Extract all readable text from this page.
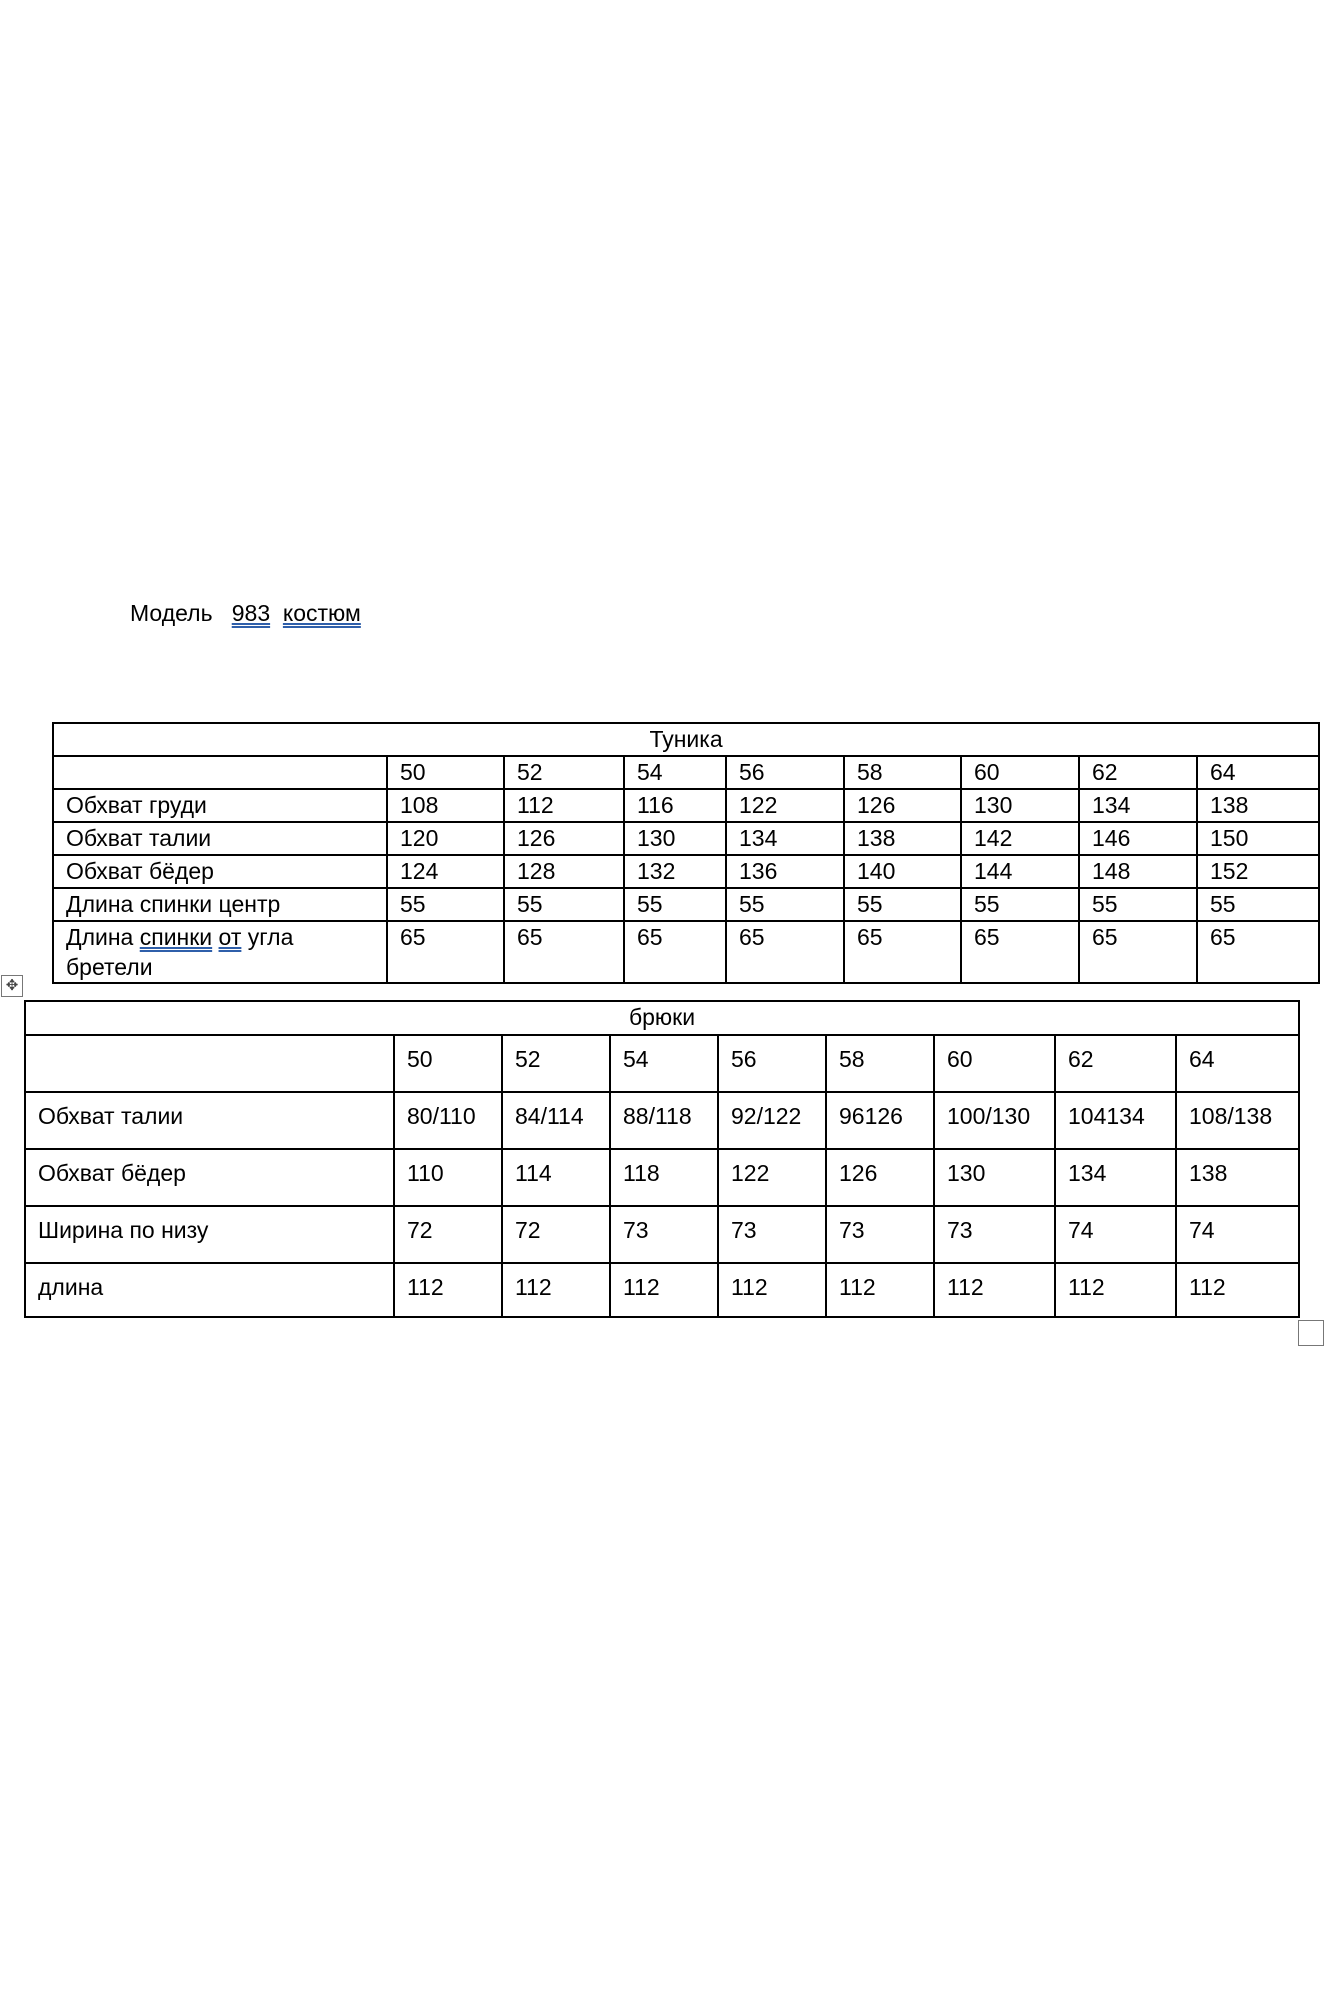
Модель 983 костюм
Туника								
	50	52	54	56	58	60	62	64
Обхват груди	108	112	116	122	126	130	134	138
Обхват талии	120	126	130	134	138	142	146	150
Обхват бёдер	124	128	132	136	140	144	148	152
Длина спинки центр	55	55	55	55	55	55	55	55
Длина спинки от угла бретели	65	65	65	65	65	65	65	65
✥
брюки								
	50	52	54	56	58	60	62	64
Обхват талии	80/110	84/114	88/118	92/122	96126	100/130	104134	108/138
Обхват бёдер	110	114	118	122	126	130	134	138
Ширина по низу	72	72	73	73	73	73	74	74
длина	112	112	112	112	112	112	112	112
